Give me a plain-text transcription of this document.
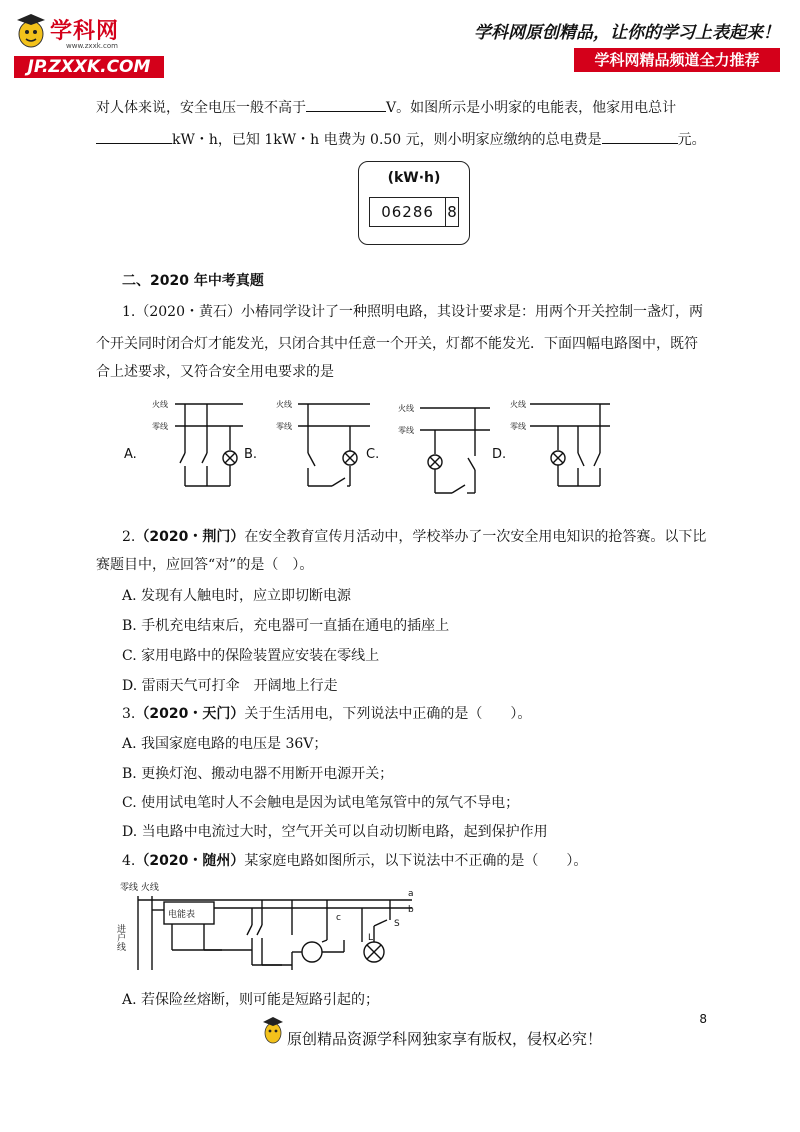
学科网
www.zxxk.com
JP.ZXXK.COM
学科网原创精品，让你的学习上表起来！
学科网精品频道全力推荐
对人体来说，安全电压一般不高于	V。如图所示是小明家的电能表，他家用电总计
kW・h，已知 1kW・h 电费为 0.50 元，则小明家应缴纳的总电费是	元。
(kW·h)
06286 8
二、2020 年中考真题
1.（2020・黄石）小椿同学设计了一种照明电路，其设计要求是：用两个开关控制一盏灯，两
个开关同时闭合灯才能发光，只闭合其中任意一个开关，灯都不能发光．下面四幅电路图中，既符
合上述要求，又符合安全用电要求的是
火线
零线
火线
零线
火线
零线
火线
零线
A.	B.	C.	D.
2.（2020・荆门）在安全教育宣传月活动中，学校举办了一次安全用电知识的抢答赛。以下比
赛题目中，应回答“对”的是（　）。
A. 发现有人触电时，应立即切断电源
B. 手机充电结束后，充电器可一直插在通电的插座上
C. 家用电路中的保险装置应安装在零线上
D. 雷雨天气可打伞　开阔地上行走
3.（2020・天门）关于生活用电，下列说法中正确的是（　　）。
A. 我国家庭电路的电压是 36V；
B. 更换灯泡、搬动电器不用断开电源开关；
C. 使用试电笔时人不会触电是因为试电笔氖管中的氖气不导电；
D. 当电路中电流过大时，空气开关可以自动切断电路，起到保护作用
4.（2020・随州）某家庭电路如图所示，以下说法中不正确的是（　　）。
零线 火线
电能表
进户线
a
b
c
L
S
A. 若保险丝熔断，则可能是短路引起的；
8
原创精品资源学科网独家享有版权，侵权必究！
